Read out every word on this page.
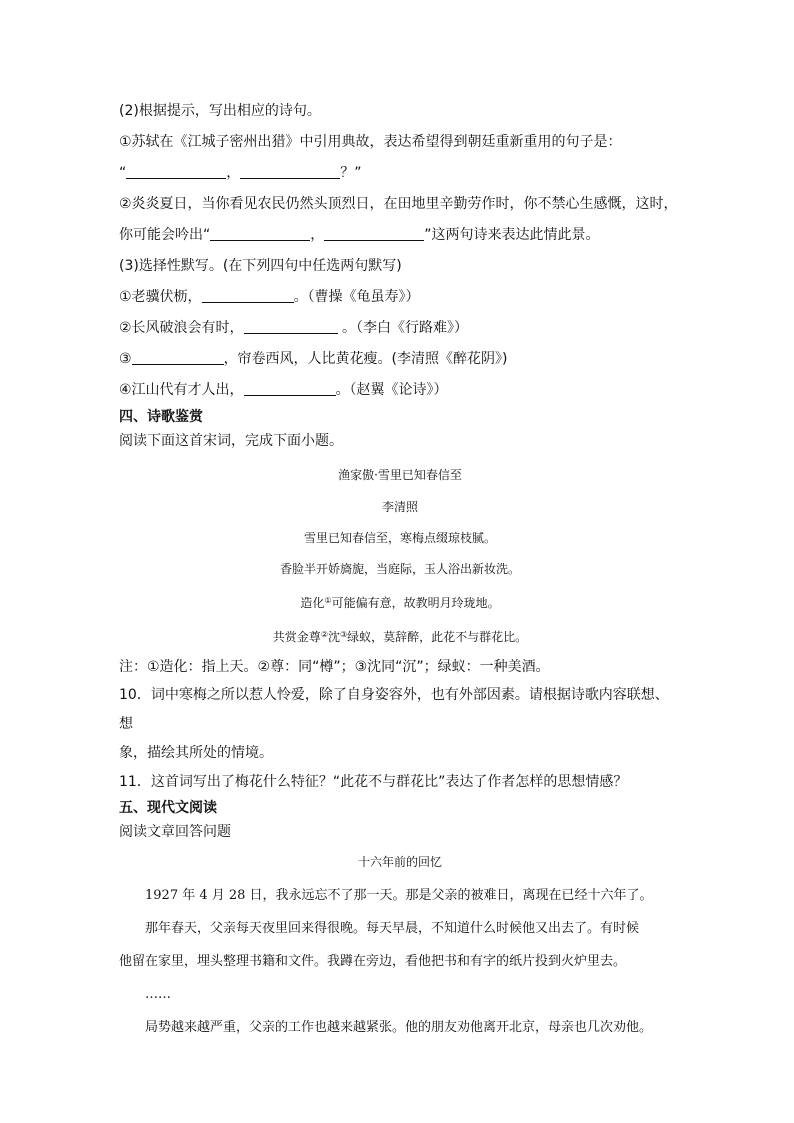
(2)根据提示，写出相应的诗句。

①苏轼在《江城子密州出猎》中引用典故，表达希望得到朝廷重新重用的句子是：

“	，	？”

②炎炎夏日，当你看见农民仍然头顶烈日，在田地里辛勤劳作时，你不禁心生感慨，这时，

你可能会吟出“	，	”这两句诗来表达此情此景。

(3)选择性默写。(在下列四句中任选两句默写)

①老骥伏枥，	。（曹操《龟虽寿》）

②长风破浪会有时，	。（李白《行路难》）

③	，帘卷西风，人比黄花瘦。(李清照《醉花阴》)

④江山代有才人出，	。（赵翼《论诗》）

四、诗歌鉴赏

阅读下面这首宋词，完成下面小题。

渔家傲·雪里已知春信至

李清照

雪里已知春信至，寒梅点缀琼枝腻。

香脸半开娇旖旎，当庭际，玉人浴出新妆洗。

造化①可能偏有意，故教明月玲珑地。

共赏金尊②沈③绿蚁，莫辞醉，此花不与群花比。

注：①造化：指上天。②尊：同“樽”；③沈同“沉”；绿蚁：一种美酒。

10．词中寒梅之所以惹人怜爱，除了自身姿容外，也有外部因素。请根据诗歌内容联想、想

象，描绘其所处的情境。

11．这首词写出了梅花什么特征？“此花不与群花比”表达了作者怎样的思想情感？

五、现代文阅读

阅读文章回答问题

十六年前的回忆

1927 年 4 月 28 日，我永远忘不了那一天。那是父亲的被难日，离现在已经十六年了。

那年春天，父亲每天夜里回来得很晚。每天早晨，不知道什么时候他又出去了。有时候

他留在家里，埋头整理书籍和文件。我蹲在旁边，看他把书和有字的纸片投到火炉里去。

……

局势越来越严重，父亲的工作也越来越紧张。他的朋友劝他离开北京，母亲也几次劝他。
